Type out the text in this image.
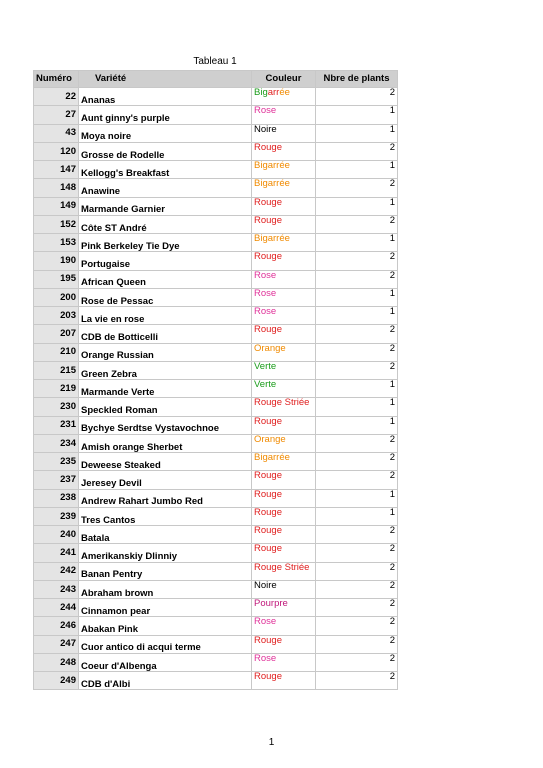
Tableau 1
Numéro	Variété	Couleur	Nbre de plants
22	Ananas	Bigarrée	2
27	Aunt ginny's purple	Rose	1
43	Moya noire	Noire	1
120	Grosse de Rodelle	Rouge	2
147	Kellogg's Breakfast	Bigarrée	1
148	Anawine	Bigarrée	2
149	Marmande Garnier	Rouge	1
152	Côte ST André	Rouge	2
153	Pink Berkeley Tie Dye	Bigarrée	1
190	Portugaise	Rouge	2
195	African Queen	Rose	2
200	Rose de Pessac	Rose	1
203	La vie en rose	Rose	1
207	CDB de Botticelli	Rouge	2
210	Orange Russian	Orange	2
215	Green Zebra	Verte	2
219	Marmande Verte	Verte	1
230	Speckled Roman	Rouge Striée	1
231	Bychye Serdtse Vystavochnoe	Rouge	1
234	Amish orange Sherbet	Orange	2
235	Deweese Steaked	Bigarrée	2
237	Jeresey Devil	Rouge	2
238	Andrew Rahart Jumbo Red	Rouge	1
239	Tres Cantos	Rouge	1
240	Batala	Rouge	2
241	Amerikanskiy Dlinniy	Rouge	2
242	Banan Pentry	Rouge Striée	2
243	Abraham brown	Noire	2
244	Cinnamon pear	Pourpre	2
246	Abakan Pink	Rose	2
247	Cuor antico di acqui terme	Rouge	2
248	Coeur d'Albenga	Rose	2
249	CDB d'Albi	Rouge	2
1
